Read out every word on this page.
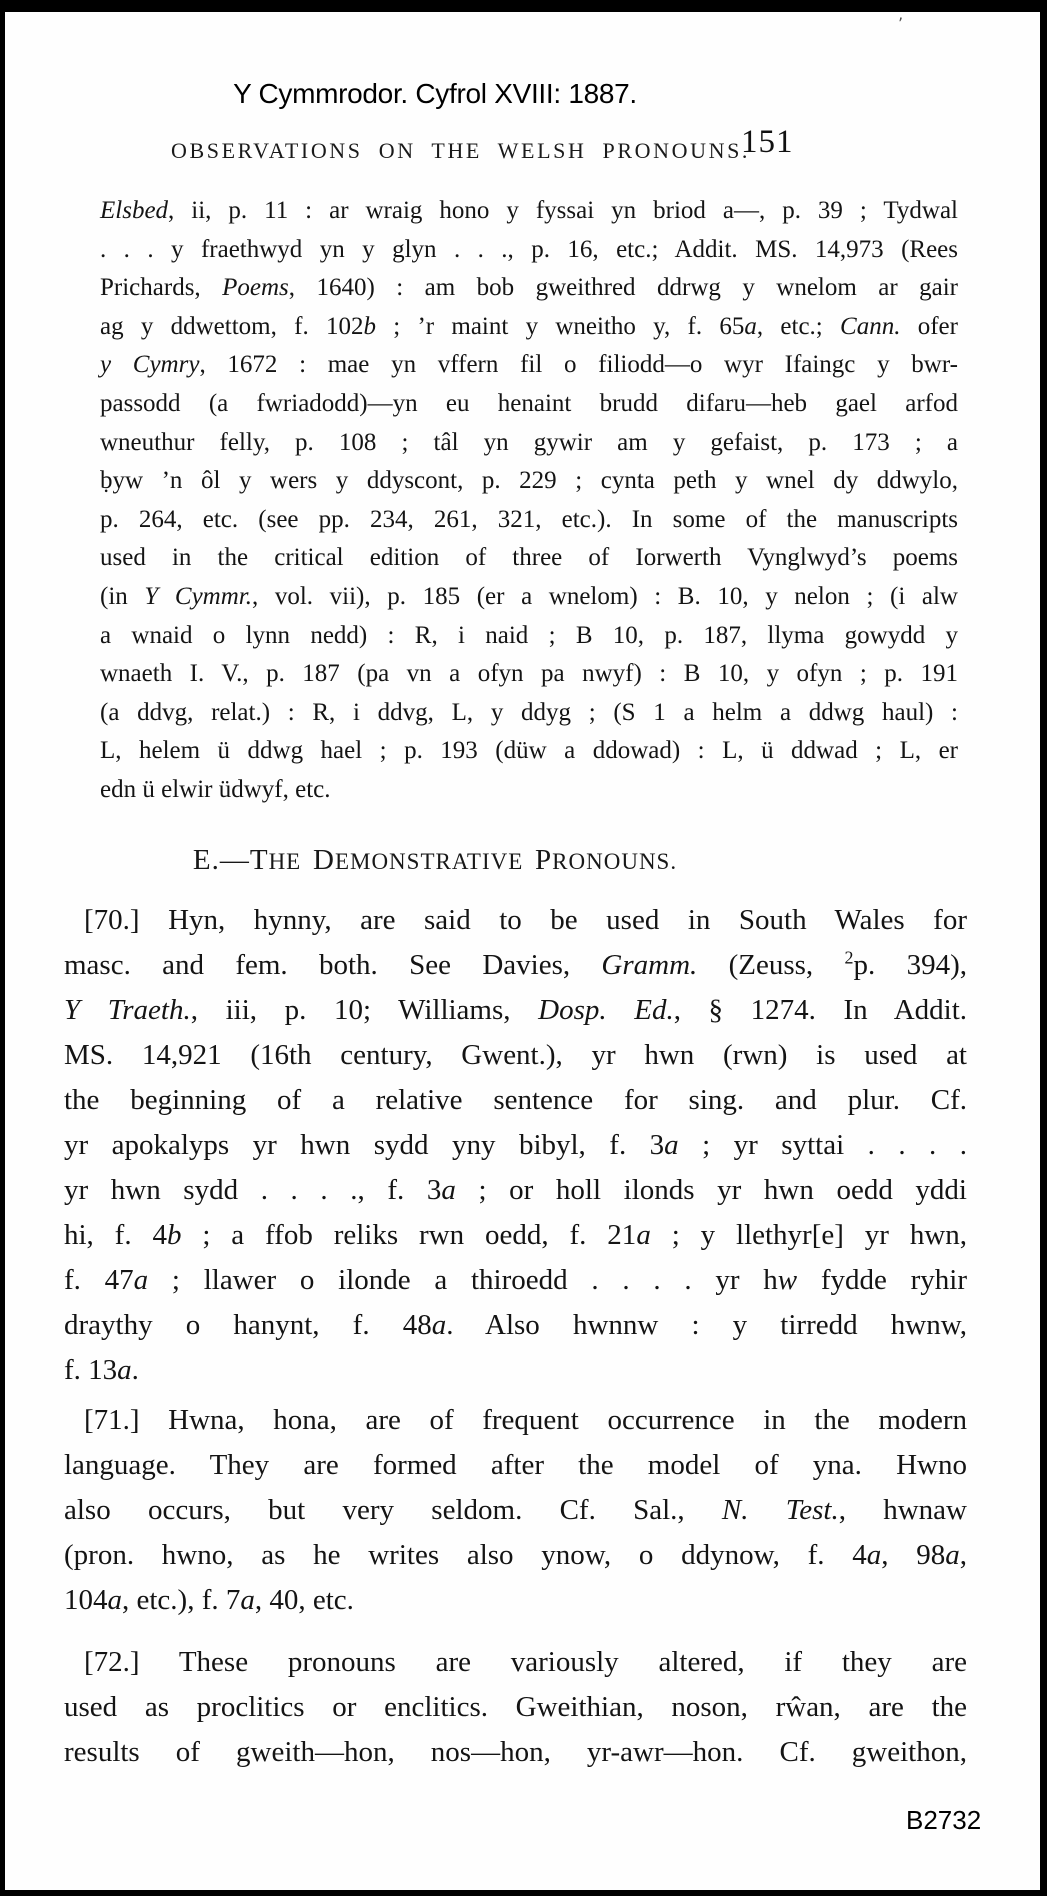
’
Y Cymmrodor. Cyfrol XVIII: 1887.
OBSERVATIONS ON THE WELSH PRONOUNS.
151
Elsbed, ii, p. 11 : ar wraig hono y fyssai yn briod a—, p. 39 ; Tydwal
. . . y fraethwyd yn y glyn . . ., p. 16, etc.; Addit. MS. 14,973 (Rees
Prichards, Poems, 1640) : am bob gweithred ddrwg y wnelom ar gair
ag y ddwettom, f. 102b ; ’r maint y wneitho y, f. 65a, etc.; Cann. ofer
y Cymry, 1672 : mae yn vffern fil o filiodd—o wyr Ifaingc y bwr-
passodd (a fwriadodd)—yn eu henaint brudd difaru—heb gael arfod
wneuthur felly, p. 108 ; tâl yn gywir am y gefaist, p. 173 ; a
ḅyw ’n ôl y wers y ddyscont, p. 229 ; cynta peth y wnel dy ddwylo,
p. 264, etc. (see pp. 234, 261, 321, etc.). In some of the manuscripts
used in the critical edition of three of Iorwerth Vynglwyd’s poems
(in Y Cymmr., vol. vii), p. 185 (er a wnelom) : B. 10, y nelon ; (i alw
a wnaid o lynn nedd) : R, i naid ; B 10, p. 187, llyma gowydd y
wnaeth I. V., p. 187 (pa vn a ofyn pa nwyf) : B 10, y ofyn ; p. 191
(a ddvg, relat.) : R, i ddvg, L, y ddyg ; (S 1 a helm a ddwg haul) :
L, helem ü ddwg hael ; p. 193 (düw a ddowad) : L, ü ddwad ; L, er
edn ü elwir üdwyf, etc.
E.—THE DEMONSTRATIVE PRONOUNS.
[70.] Hyn, hynny, are said to be used in South Wales for
masc. and fem. both. See Davies, Gramm. (Zeuss, $^2$p. 394),
Y Traeth., iii, p. 10; Williams, Dosp. Ed., § 1274. In Addit.
MS. 14,921 (16th century, Gwent.), yr hwn (rwn) is used at
the beginning of a relative sentence for sing. and plur. Cf.
yr apokalyps yr hwn sydd yny bibyl, f. 3a ; yr syttai . . . .
yr hwn sydd . . . ., f. 3a ; or holl ilonds yr hwn oedd yddi
hi, f. 4b ; a ffob reliks rwn oedd, f. 21a ; y llethyr[e] yr hwn,
f. 47a ; llawer o ilonde a thiroedd . . . . yr hw fydde ryhir
draythy o hanynt, f. 48a. Also hwnnw : y tirredd hwnw,
f. 13a.
[71.] Hwna, hona, are of frequent occurrence in the modern
language. They are formed after the model of yna. Hwno
also occurs, but very seldom. Cf. Sal., N. Test., hwnaw
(pron. hwno, as he writes also ynow, o ddynow, f. 4a, 98a,
104a, etc.), f. 7a, 40, etc.
[72.] These pronouns are variously altered, if they are
used as proclitics or enclitics. Gweithian, noson, rŵan, are the
results of gweith—hon, nos—hon, yr-awr—hon. Cf. gweithon,
B2732
